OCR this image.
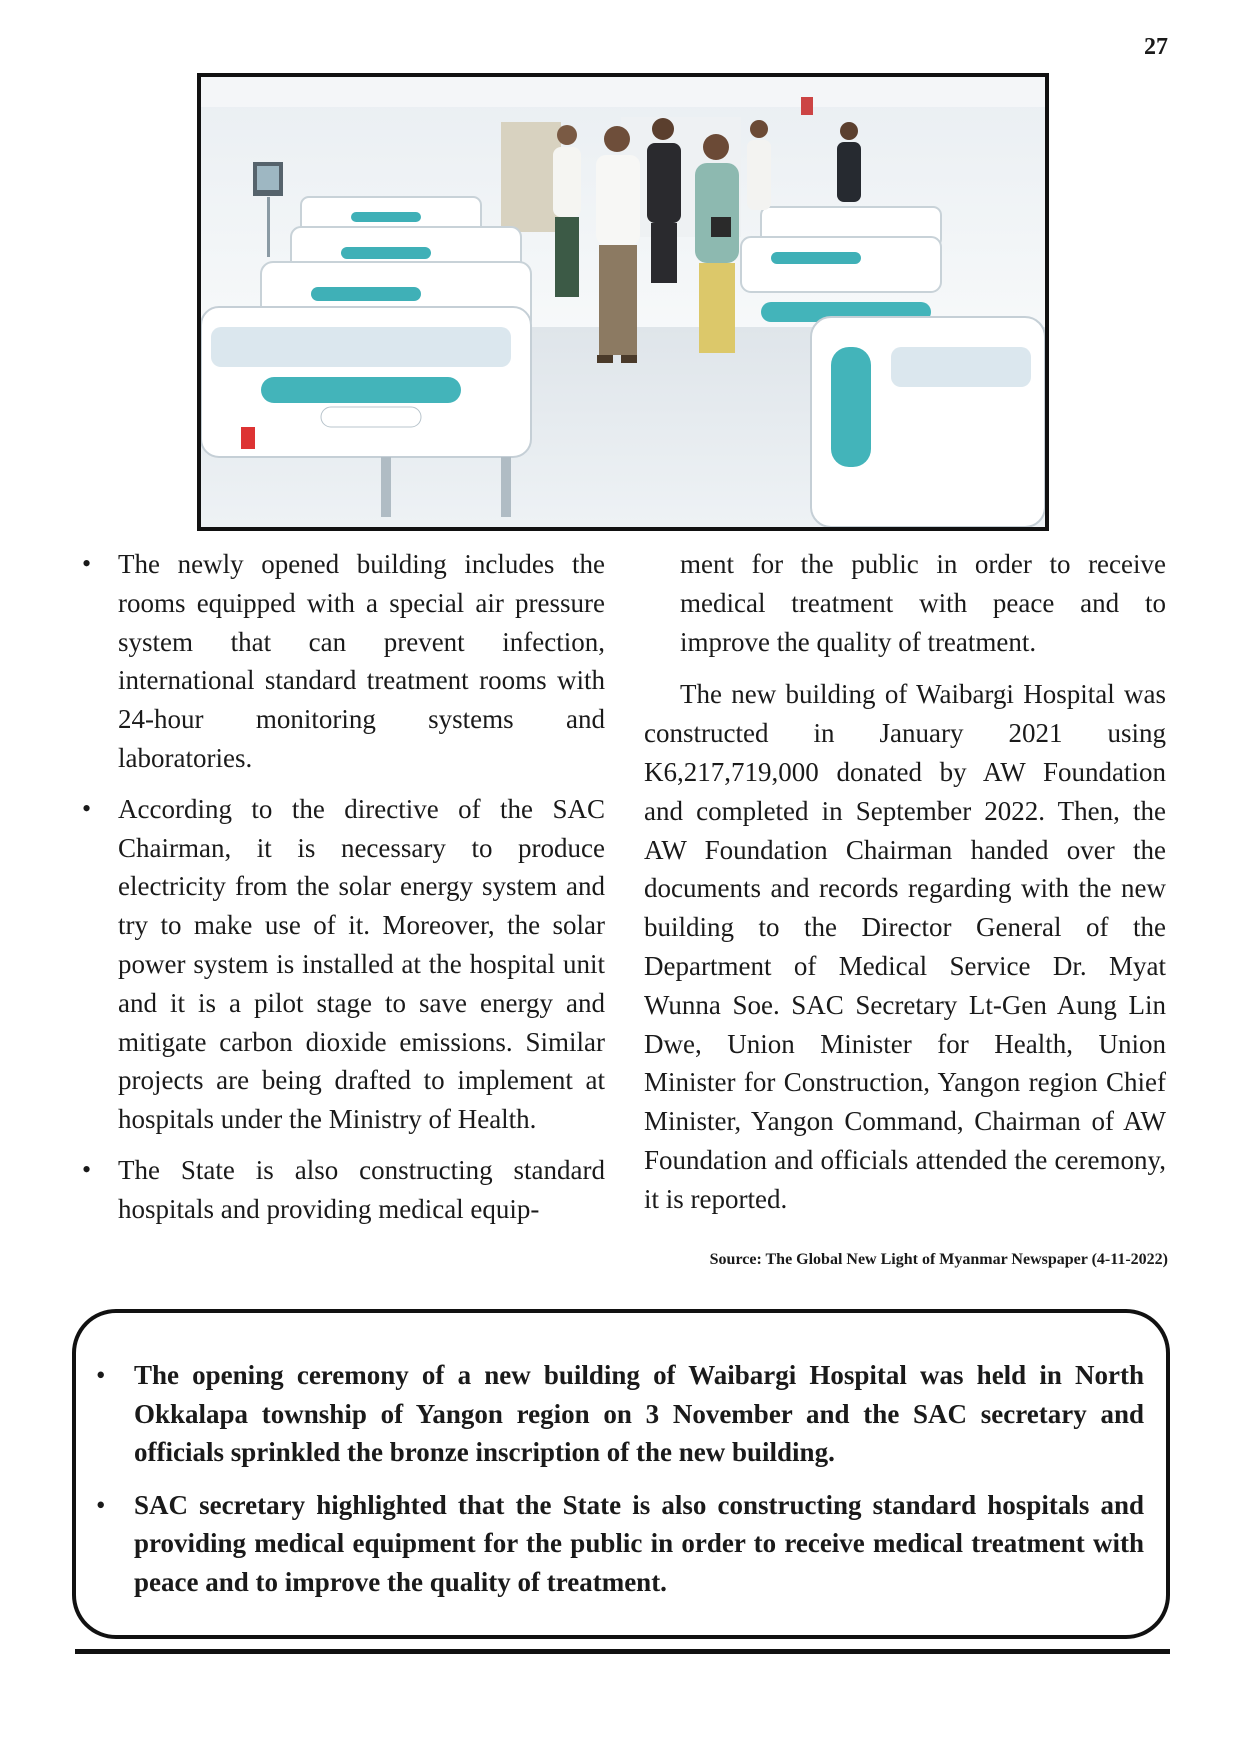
27
• The newly opened building includes the rooms equipped with a special air pressure system that can prevent infection, international standard treatment rooms with 24-hour monitoring systems and laboratories.
• According to the directive of the SAC Chairman, it is necessary to produce electricity from the solar energy system and try to make use of it. Moreover, the solar power system is installed at the hospital unit and it is a pilot stage to save energy and mitigate carbon dioxide emissions. Similar projects are being drafted to implement at hospitals under the Ministry of Health.
• The State is also constructing standard hospitals and providing medical equip-

ment for the public in order to receive medical treatment with peace and to improve the quality of treatment.

The new building of Waibargi Hospital was constructed in January 2021 using K6,217,719,000 donated by AW Foundation and completed in September 2022. Then, the AW Foundation Chairman handed over the documents and records regarding with the new building to the Director General of the Department of Medical Service Dr. Myat Wunna Soe. SAC Secretary Lt-Gen Aung Lin Dwe, Union Minister for Health, Union Minister for Construction, Yangon region Chief Minister, Yangon Command, Chairman of AW Foundation and officials attended the ceremony, it is reported.

Source: The Global New Light of Myanmar Newspaper (4-11-2022)
• The opening ceremony of a new building of Waibargi Hospital was held in North Okkalapa township of Yangon region on 3 November and the SAC secretary and officials sprinkled the bronze inscription of the new building.
• SAC secretary highlighted that the State is also constructing standard hospitals and providing medical equipment for the public in order to receive medical treatment with peace and to improve the quality of treatment.
